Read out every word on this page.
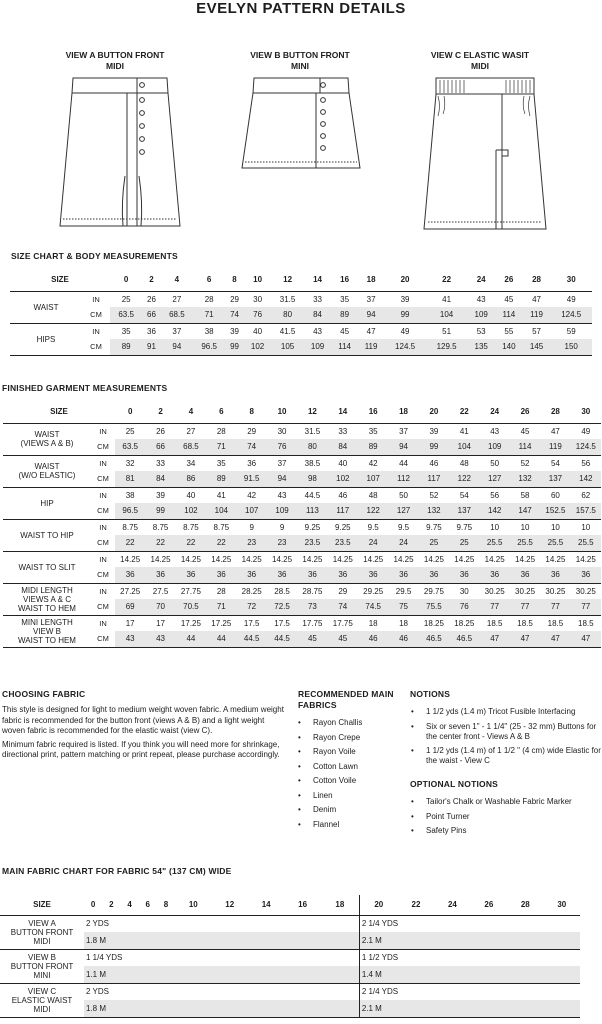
EVELYN PATTERN DETAILS
VIEW A BUTTON FRONT
MIDI
VIEW B BUTTON FRONT
MINI
VIEW C ELASTIC WASIT
MIDI
SIZE CHART & BODY MEASUREMENTS
SIZE		0	2	4	6	8	10	12	14	16	18	20	22	24	26	28	30
WAIST	IN	25	26	27	28	29	30	31.5	33	35	37	39	41	43	45	47	49
	CM	63.5	66	68.5	71	74	76	80	84	89	94	99	104	109	114	119	124.5
HIPS	IN	35	36	37	38	39	40	41.5	43	45	47	49	51	53	55	57	59
	CM	89	91	94	96.5	99	102	105	109	114	119	124.5	129.5	135	140	145	150
FINISHED GARMENT MEASUREMENTS
SIZE		0	2	4	6	8	10	12	14	16	18	20	22	24	26	28	30

WAIST
(VIEWS A & B)	IN	25	26	27	28	29	30	31.5	33	35	37	39	41	43	45	47	49
	CM	63.5	66	68.5	71	74	76	80	84	89	94	99	104	109	114	119	124.5

WAIST
(W/O ELASTIC)	IN	32	33	34	35	36	37	38.5	40	42	44	46	48	50	52	54	56
	CM	81	84	86	89	91.5	94	98	102	107	112	117	122	127	132	137	142

HIP	IN	38	39	40	41	42	43	44.5	46	48	50	52	54	56	58	60	62
	CM	96.5	99	102	104	107	109	113	117	122	127	132	137	142	147	152.5	157.5

WAIST TO HIP	IN	8.75	8.75	8.75	8.75	9	9	9.25	9.25	9.5	9.5	9.75	9.75	10	10	10	10
	CM	22	22	22	22	23	23	23.5	23.5	24	24	25	25	25.5	25.5	25.5	25.5

WAIST TO SLIT	IN	14.25	14.25	14.25	14.25	14.25	14.25	14.25	14.25	14.25	14.25	14.25	14.25	14.25	14.25	14.25	14.25
	CM	36	36	36	36	36	36	36	36	36	36	36	36	36	36	36	36

MIDI LENGTH
VIEWS A & C
WAIST TO HEM	IN	27.25	27.5	27.75	28	28.25	28.5	28.75	29	29.25	29.5	29.75	30	30.25	30.25	30.25	30.25
	CM	69	70	70.5	71	72	72.5	73	74	74.5	75	75.5	76	77	77	77	77

MINI LENGTH
VIEW B
WAIST TO HEM	IN	17	17	17.25	17.25	17.5	17.5	17.75	17.75	18	18	18.25	18.25	18.5	18.5	18.5	18.5
	CM	43	43	44	44	44.5	44.5	45	45	46	46	46.5	46.5	47	47	47	47
CHOOSING FABRIC

This style is designed for light to medium weight woven fabric. A medium weight fabric is recommended for the button front (views A & B) and a light weight woven fabric is recommended for the elastic waist (view C).

Minimum fabric required is listed. If you think you will need more for shrinkage, directional print, pattern matching or print repeat, please purchase accordingly.

RECOMMENDED MAIN FABRICS
• Rayon Challis
• Rayon Crepe
• Rayon Voile
• Cotton Lawn
• Cotton Voile
• Linen
• Denim
• Flannel
NOTIONS
• 1 1/2 yds (1.4 m) Tricot Fusible Interfacing
• Six or seven 1" - 1 1/4" (25 - 32 mm) Buttons for the center front - Views A & B
• 1 1/2 yds (1.4 m) of 1 1/2 " (4 cm) wide Elastic for the waist - View C
OPTIONAL NOTIONS
• Tailor's Chalk or Washable Fabric Marker
• Point Turner
• Safety Pins
MAIN FABRIC CHART FOR FABRIC 54" (137 CM) WIDE
SIZE	0	2	4	6	8	10	12	14	16	18	20	22	24	26	28	30

VIEW A
BUTTON FRONT
MIDI	2 YDS										2 1/4 YDS					
	1.8 M										2.1 M					

VIEW B
BUTTON FRONT
MINI	1 1/4 YDS										1 1/2 YDS					
	1.1 M										1.4 M					

VIEW C
ELASTIC WAIST
MIDI	2 YDS										2 1/4 YDS					
	1.8 M										2.1 M					
